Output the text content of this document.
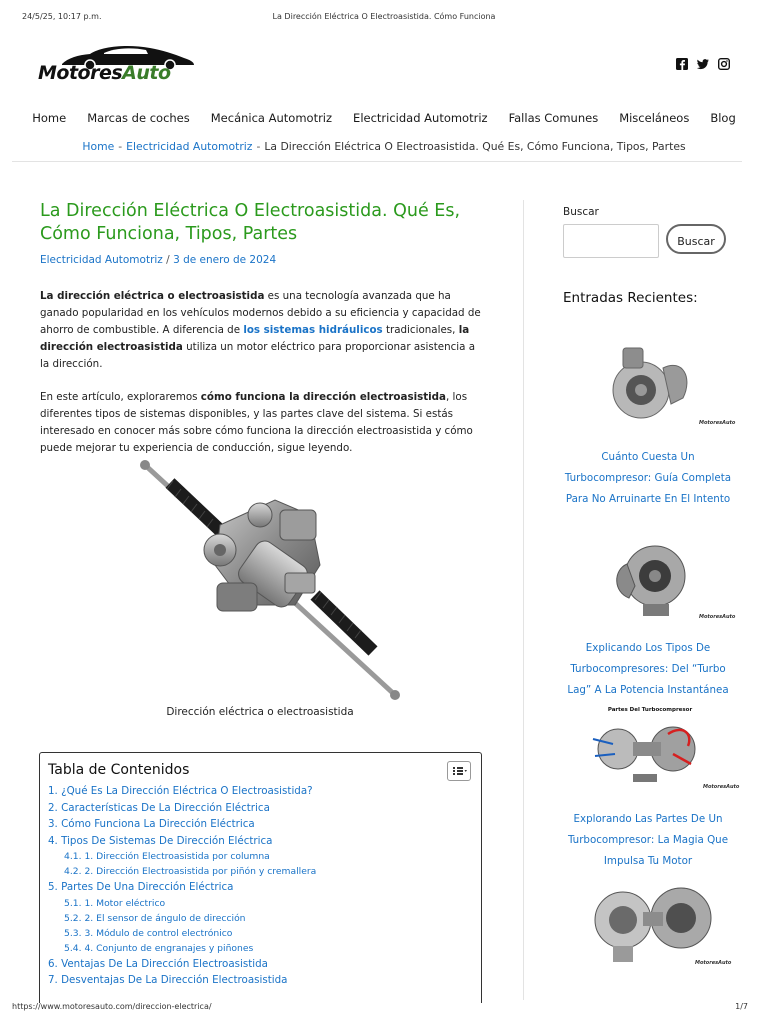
24/5/25, 10:17 p.m.	La Dirección Eléctrica O Electroasistida. Cómo Funciona
MotoresAuto
Home	Marcas de coches	Mecánica Automotriz	Electricidad Automotriz	Fallas Comunes	Misceláneos	Blog
Home - Electricidad Automotriz - La Dirección Eléctrica O Electroasistida. Qué Es, Cómo Funciona, Tipos, Partes
La Dirección Eléctrica O Electroasistida. Qué Es, Cómo Funciona, Tipos, Partes
Electricidad Automotriz / 3 de enero de 2024
La dirección eléctrica o electroasistida es una tecnología avanzada que ha ganado popularidad en los vehículos modernos debido a su eficiencia y capacidad de ahorro de combustible. A diferencia de los sistemas hidráulicos tradicionales, la dirección electroasistida utiliza un motor eléctrico para proporcionar asistencia a la dirección.
En este artículo, exploraremos cómo funciona la dirección electroasistida, los diferentes tipos de sistemas disponibles, y las partes clave del sistema. Si estás interesado en conocer más sobre cómo funciona la dirección electroasistida y cómo puede mejorar tu experiencia de conducción, sigue leyendo.
Dirección eléctrica o electroasistida
Tabla de Contenidos
1. ¿Qué Es La Dirección Eléctrica O Electroasistida?
2. Características De La Dirección Eléctrica
3. Cómo Funciona La Dirección Eléctrica
4. Tipos De Sistemas De Dirección Eléctrica
4.1. 1. Dirección Electroasistida por columna
4.2. 2. Dirección Electroasistida por piñón y cremallera
5. Partes De Una Dirección Eléctrica
5.1. 1. Motor eléctrico
5.2. 2. El sensor de ángulo de dirección
5.3. 3. Módulo de control electrónico
5.4. 4. Conjunto de engranajes y piñones
6. Ventajas De La Dirección Electroasistida
7. Desventajas De La Dirección Electroasistida
Buscar
Buscar
Entradas Recientes:
MotoresAuto
Cuánto Cuesta Un Turbocompresor: Guía Completa Para No Arruinarte En El Intento
MotoresAuto
Explicando Los Tipos De Turbocompresores: Del “Turbo Lag” A La Potencia Instantánea
Partes Del Turbocompresor
MotoresAuto
Explorando Las Partes De Un Turbocompresor: La Magia Que Impulsa Tu Motor
MotoresAuto
https://www.motoresauto.com/direccion-electrica/	1/7
